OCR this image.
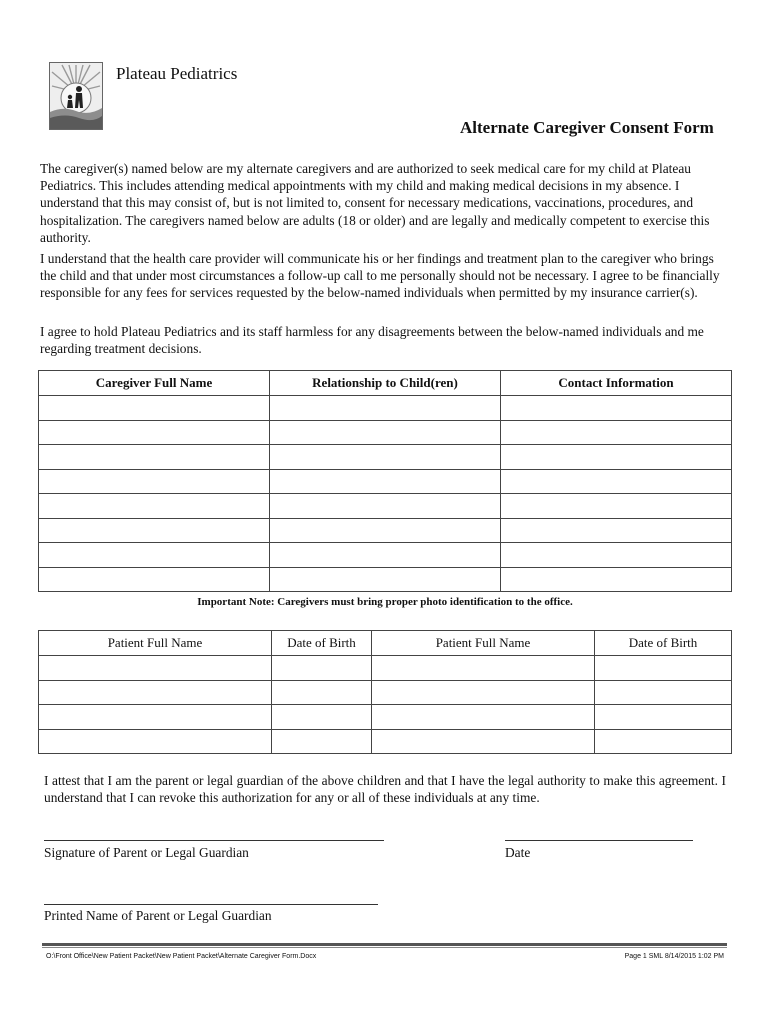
Plateau Pediatrics
Alternate Caregiver Consent Form

The caregiver(s) named below are my alternate caregivers and are authorized to seek medical care for my child at Plateau Pediatrics. This includes attending medical appointments with my child and making medical decisions in my absence. I understand that this may consist of, but is not limited to, consent for necessary medications, vaccinations, procedures, and hospitalization. The caregivers named below are adults (18 or older) and are legally and medically competent to exercise this authority.

I understand that the health care provider will communicate his or her findings and treatment plan to the caregiver who brings the child and that under most circumstances a follow-up call to me personally should not be necessary. I agree to be financially responsible for any fees for services requested by the below-named individuals when permitted by my insurance carrier(s).

I agree to hold Plateau Pediatrics and its staff harmless for any disagreements between the below-named individuals and me regarding treatment decisions.

Caregiver Full Name	Relationship to Child(ren)	Contact Information

Important Note: Caregivers must bring proper photo identification to the office.
Patient Full Name	Date of Birth	Patient Full Name	Date of Birth

I attest that I am the parent or legal guardian of the above children and that I have the legal authority to make this agreement. I understand that I can revoke this authorization for any or all of these individuals at any time.

Signature of Parent or Legal Guardian	Date
Printed Name of Parent or Legal Guardian
O:\Front Office\New Patient Packet\New Patient Packet\Alternate Caregiver Form.Docx	Page 1 SML 8/14/2015 1:02 PM
